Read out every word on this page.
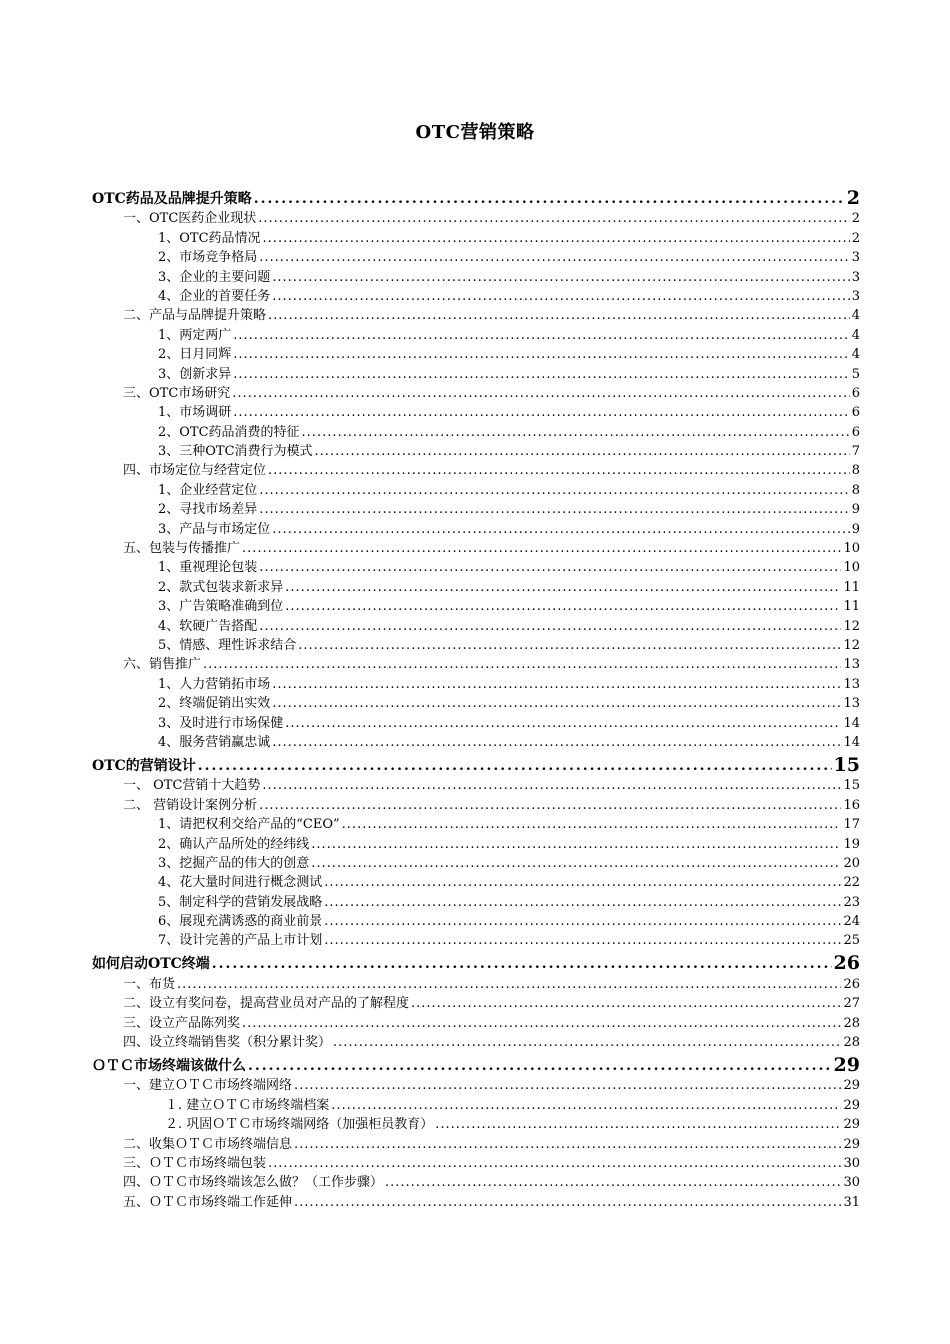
OTC营销策略
OTC药品及品牌提升策略 .....	2
一、OTC医药企业现状 .....	2
1、OTC药品情况 .....	2
2、市场竞争格局 .....	3
3、企业的主要问题 .....	3
4、企业的首要任务 .....	3
二、产品与品牌提升策略 .....	4
1、两定两广 .....	4
2、日月同辉 .....	4
3、创新求异 .....	5
三、OTC市场研究 .....	6
1、市场调研 .....	6
2、OTC药品消费的特征 .....	6
3、三种OTC消费行为模式 .....	7
四、市场定位与经营定位 .....	8
1、企业经营定位 .....	8
2、寻找市场差异 .....	9
3、产品与市场定位 .....	9
五、包装与传播推广 .....	10
1、重视理论包装 .....	10
2、款式包装求新求异 .....	11
3、广告策略准确到位 .....	11
4、软硬广告搭配 .....	12
5、情感、理性诉求结合 .....	12
六、销售推广 .....	13
1、人力营销拓市场 .....	13
2、终端促销出实效 .....	13
3、及时进行市场保健 .....	14
4、服务营销赢忠诚 .....	14
OTC的营销设计 .....	15
一、 OTC营销十大趋势 .....	15
二、 营销设计案例分析 .....	16
1、请把权利交给产品的“CEO” .....	17
2、确认产品所处的经纬线 .....	19
3、挖掘产品的伟大的创意 .....	20
4、花大量时间进行概念测试 .....	22
5、制定科学的营销发展战略 .....	23
6、展现充满诱惑的商业前景 .....	24
7、设计完善的产品上市计划 .....	25
如何启动OTC终端 .....	26
一、布货 .....	26
二、设立有奖问卷，提高营业员对产品的了解程度 .....	27
三、设立产品陈列奖 .....	28
四、设立终端销售奖（积分累计奖） .....	28
ＯＴＣ市场终端该做什么 .....	29
一、建立ＯＴＣ市场终端网络 .....	29
１. 建立ＯＴＣ市场终端档案 .....	29
２. 巩固ＯＴＣ市场终端网络（加强柜员教育） .....	29
二、收集ＯＴＣ市场终端信息 .....	29
三、ＯＴＣ市场终端包装 .....	30
四、ＯＴＣ市场终端该怎么做？（工作步骤） .....	30
五、ＯＴＣ市场终端工作延伸 .....	31
